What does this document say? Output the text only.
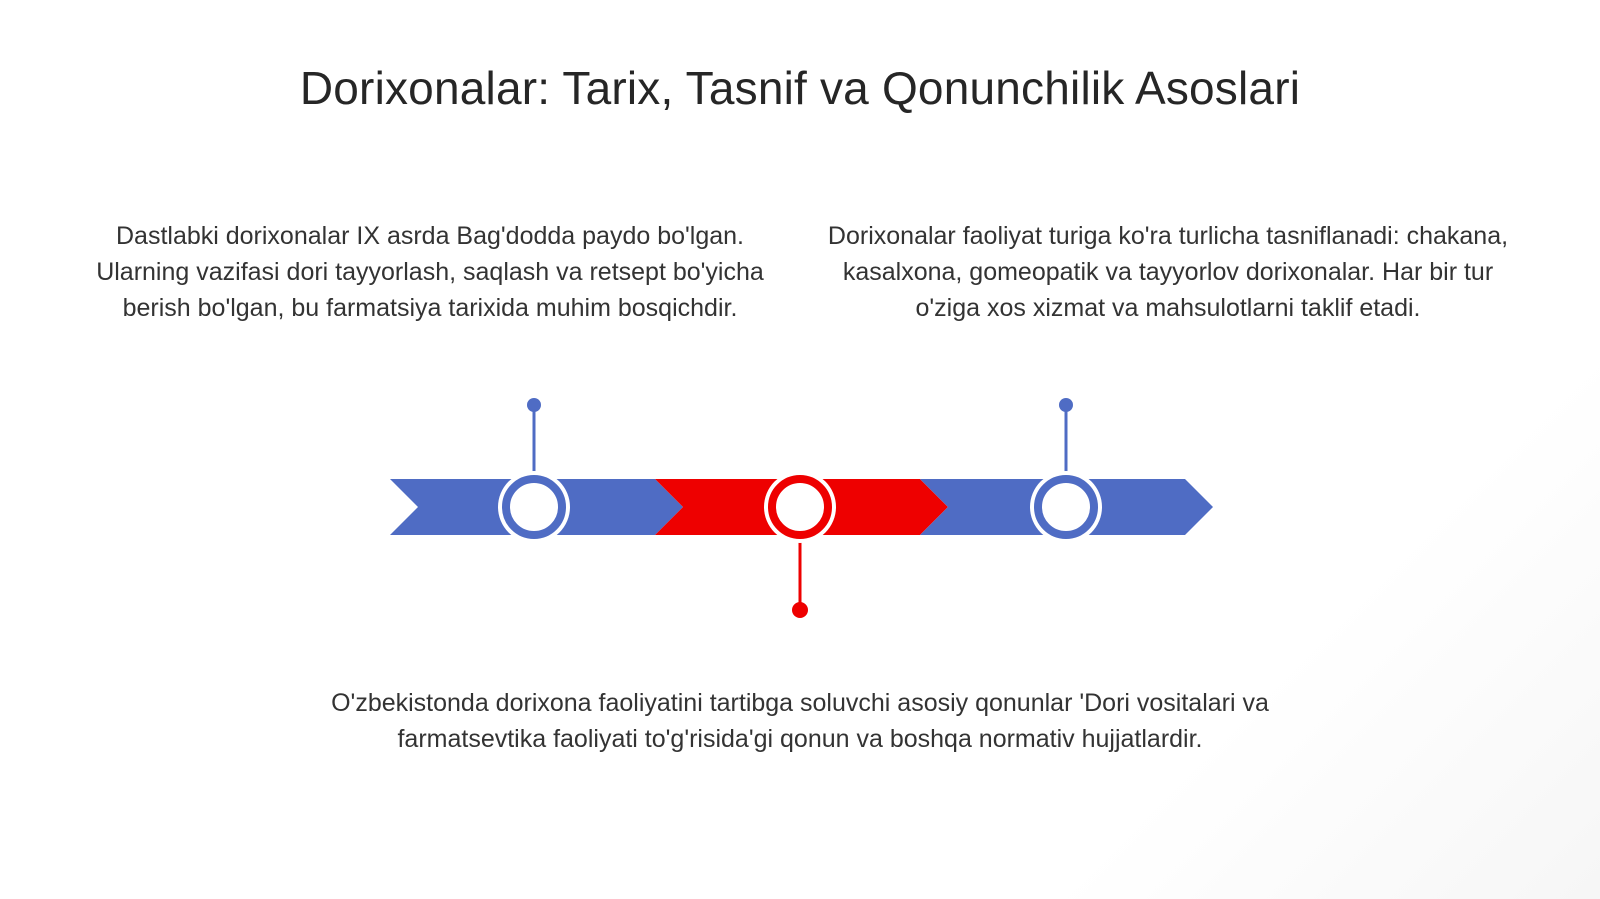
Dorixonalar: Tarix, Tasnif va Qonunchilik Asoslari
Dastlabki dorixonalar IX asrda Bag'dodda paydo bo'lgan. Ularning vazifasi dori tayyorlash, saqlash va retsept bo'yicha berish bo'lgan, bu farmatsiya tarixida muhim bosqichdir.
Dorixonalar faoliyat turiga ko'ra turlicha tasniflanadi: chakana, kasalxona, gomeopatik va tayyorlov dorixonalar. Har bir tur o'ziga xos xizmat va mahsulotlarni taklif etadi.
O'zbekistonda dorixona faoliyatini tartibga soluvchi asosiy qonunlar 'Dori vositalari va farmatsevtika faoliyati to'g'risida'gi qonun va boshqa normativ hujjatlardir.
